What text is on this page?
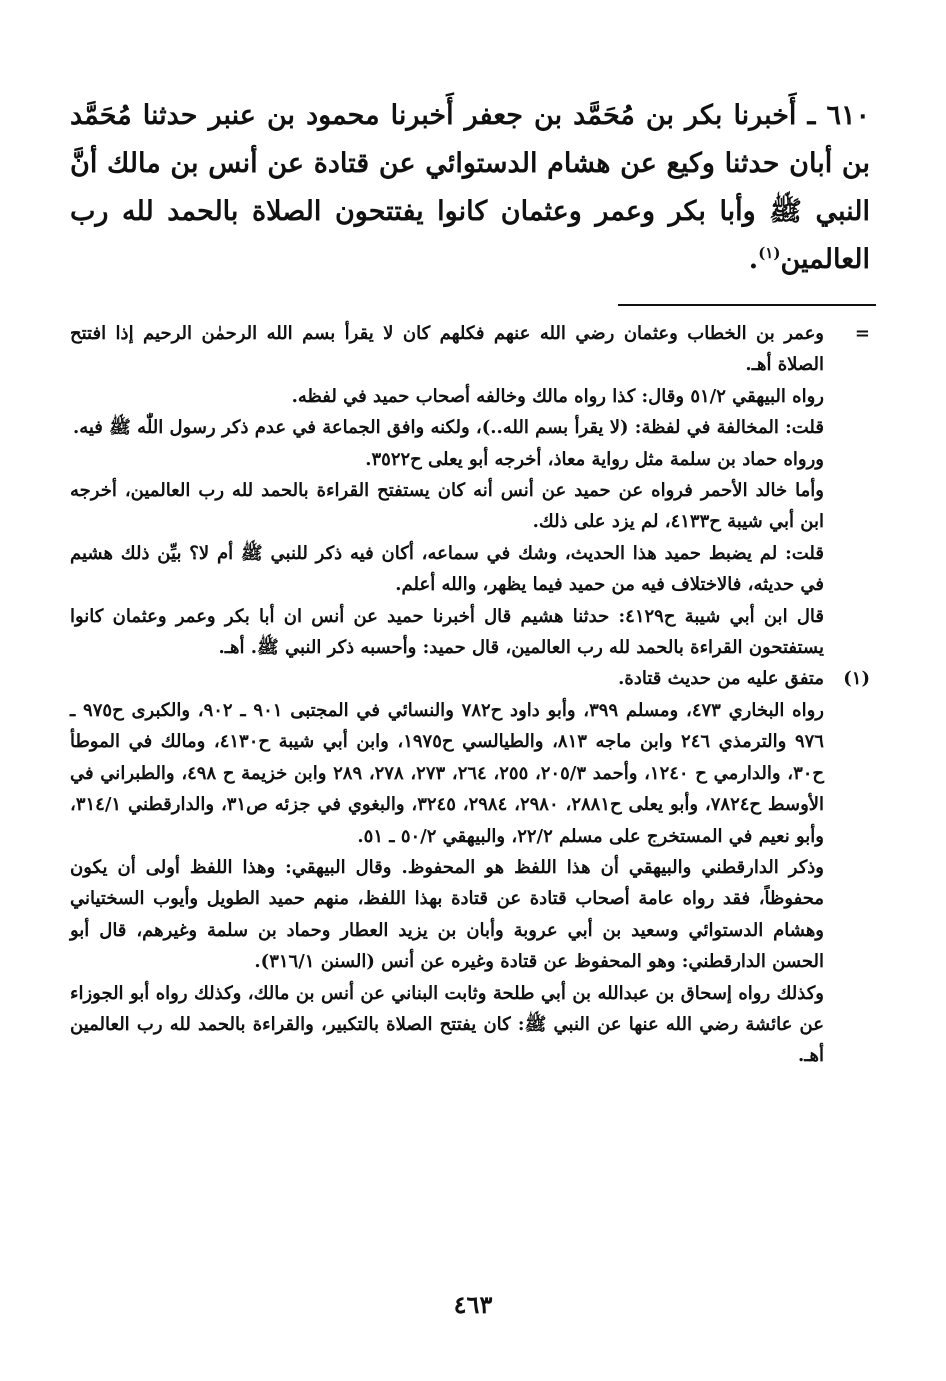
٦١٠ ـ أَخبرنا بكر بن مُحَمَّد بن جعفر أَخبرنا محمود بن عنبر حدثنا مُحَمَّد بن أبان حدثنا وكيع عن هشام الدستوائي عن قتادة عن أنس بن مالك أنَّ النبي ﷺ وأبا بكر وعمر وعثمان كانوا يفتتحون الصلاة بالحمد لله رب العالمين$^{(١)}$.
=

وعمر بن الخطاب وعثمان رضي الله عنهم فكلهم كان لا يقرأ بسم الله الرحمٰن الرحيم إذا افتتح الصلاة أهـ.

رواه البيهقي ٥١/٢ وقال: كذا رواه مالك وخالفه أصحاب حميد في لفظه.

قلت: المخالفة في لفظة: (لا يقرأ بسم الله..)، ولكنه وافق الجماعة في عدم ذكر رسول اللّٰه ﷺ فيه.

ورواه حماد بن سلمة مثل رواية معاذ، أخرجه أبو يعلى ح٣٥٢٢.

وأما خالد الأحمر فرواه عن حميد عن أنس أنه كان يستفتح القراءة بالحمد لله رب العالمين، أخرجه ابن أبي شيبة ح٤١٣٣، لم يزد على ذلك.

قلت: لم يضبط حميد هذا الحديث، وشك في سماعه، أكان فيه ذكر للنبي ﷺ أم لا؟ بيِّن ذلك هشيم في حديثه، فالاختلاف فيه من حميد فيما يظهر، والله أعلم.

قال ابن أبي شيبة ح٤١٢٩: حدثنا هشيم قال أخبرنا حميد عن أنس ان أبا بكر وعمر وعثمان كانوا يستفتحون القراءة بالحمد لله رب العالمين، قال حميد: وأحسبه ذكر النبي ﷺ. أهـ.

(١)

متفق عليه من حديث قتادة.

رواه البخاري ٤٧٣، ومسلم ٣٩٩، وأبو داود ح٧٨٢ والنسائي في المجتبى ٩٠١ ـ ٩٠٢، والكبرى ح٩٧٥ ـ ٩٧٦ والترمذي ٢٤٦ وابن ماجه ٨١٣، والطيالسي ح١٩٧٥، وابن أبي شيبة ح٤١٣٠، ومالك في الموطأ ح٣٠، والدارمي ح ١٢٤٠، وأحمد ٢٠٥/٣، ٢٥٥، ٢٦٤، ٢٧٣، ٢٧٨، ٢٨٩ وابن خزيمة ح ٤٩٨، والطبراني في الأوسط ح٧٨٢٤، وأبو يعلى ح٢٨٨١، ٢٩٨٠، ٢٩٨٤، ٣٢٤٥، والبغوي في جزئه ص٣١، والدارقطني ٣١٤/١، وأبو نعيم في المستخرج على مسلم ٢٢/٢، والبيهقي ٥٠/٢ ـ ٥١.

وذكر الدارقطني والبيهقي أن هذا اللفظ هو المحفوظ. وقال البيهقي: وهذا اللفظ أولى أن يكون محفوظاً، فقد رواه عامة أصحاب قتادة عن قتادة بهذا اللفظ، منهم حميد الطويل وأيوب السختياني وهشام الدستوائي وسعيد بن أبي عروبة وأبان بن يزيد العطار وحماد بن سلمة وغيرهم، قال أبو الحسن الدارقطني: وهو المحفوظ عن قتادة وغيره عن أنس (السنن ٣١٦/١).

وكذلك رواه إسحاق بن عبدالله بن أبي طلحة وثابت البناني عن أنس بن مالك، وكذلك رواه أبو الجوزاء عن عائشة رضي الله عنها عن النبي ﷺ: كان يفتتح الصلاة بالتكبير، والقراءة بالحمد لله رب العالمين أهـ.

٤٦٣
